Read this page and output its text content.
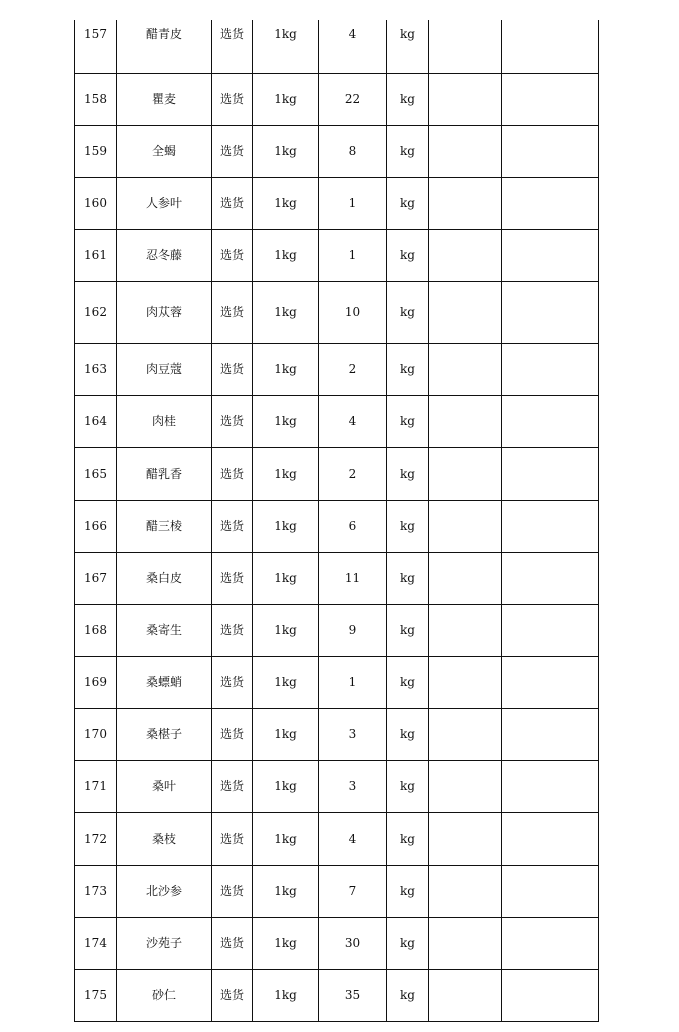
157	醋青皮	选货	1kg	4	kg		
158	瞿麦	选货	1kg	22	kg		
159	全蝎	选货	1kg	8	kg		
160	人参叶	选货	1kg	1	kg		
161	忍冬藤	选货	1kg	1	kg		
162	肉苁蓉	选货	1kg	10	kg		
163	肉豆蔻	选货	1kg	2	kg		
164	肉桂	选货	1kg	4	kg		
165	醋乳香	选货	1kg	2	kg		
166	醋三棱	选货	1kg	6	kg		
167	桑白皮	选货	1kg	11	kg		
168	桑寄生	选货	1kg	9	kg		
169	桑螵蛸	选货	1kg	1	kg		
170	桑椹子	选货	1kg	3	kg		
171	桑叶	选货	1kg	3	kg		
172	桑枝	选货	1kg	4	kg		
173	北沙参	选货	1kg	7	kg		
174	沙苑子	选货	1kg	30	kg		
175	砂仁	选货	1kg	35	kg		
